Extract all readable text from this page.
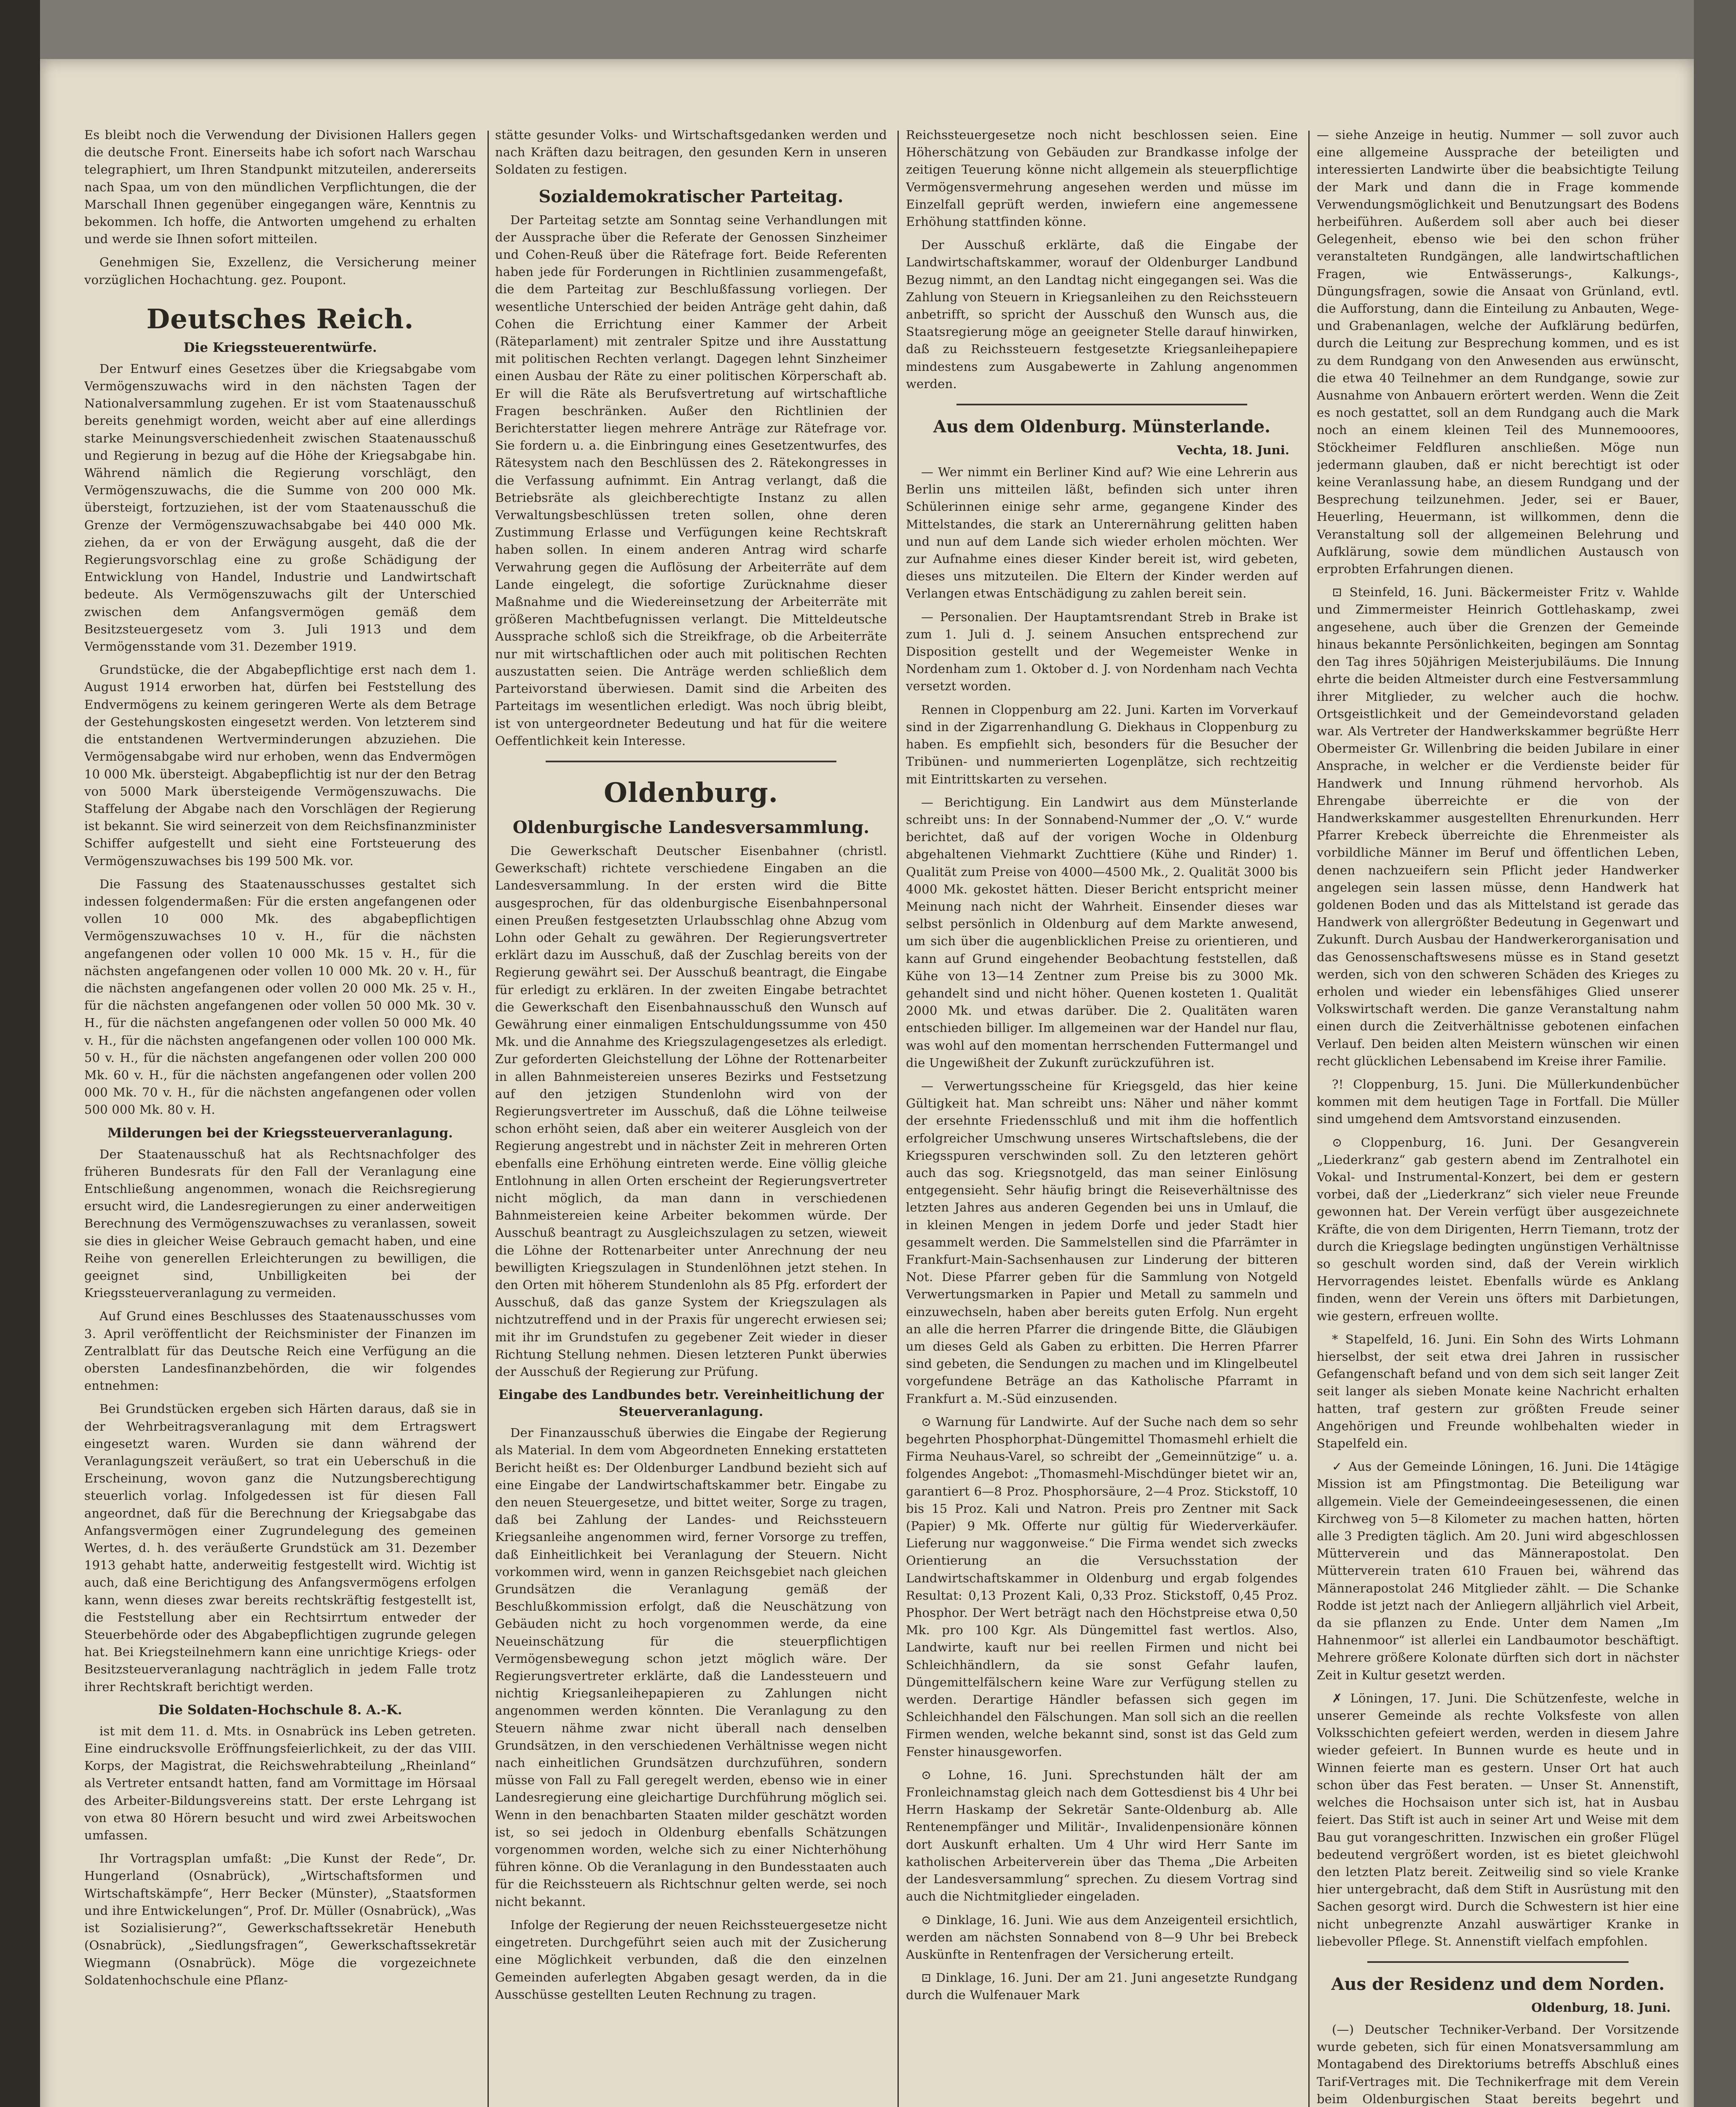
Es bleibt noch die Verwendung der Divisionen Hallers gegen die deutsche Front. Einerseits habe ich sofort nach Warschau telegraphiert, um Ihren Standpunkt mitzuteilen, andererseits nach Spaa, um von den mündlichen Verpflichtungen, die der Marschall Ihnen gegenüber eingegangen wäre, Kenntnis zu bekommen. Ich hoffe, die Antworten umgehend zu erhalten und werde sie Ihnen sofort mitteilen.

Genehmigen Sie, Exzellenz, die Versicherung meiner vorzüglichen Hochachtung. gez. Poupont.

Deutsches Reich.
Die Kriegssteuerentwürfe.

Der Entwurf eines Gesetzes über die Kriegsabgabe vom Vermögenszuwachs wird in den nächsten Tagen der Nationalversammlung zugehen. Er ist vom Staatenausschuß bereits genehmigt worden, weicht aber auf eine allerdings starke Meinungsverschiedenheit zwischen Staatenausschuß und Regierung in bezug auf die Höhe der Kriegsabgabe hin. Während nämlich die Regierung vorschlägt, den Vermögenszuwachs, die die Summe von 200 000 Mk. übersteigt, fortzuziehen, ist der vom Staatenausschuß die Grenze der Vermögenszuwachsabgabe bei 440 000 Mk. ziehen, da er von der Erwägung ausgeht, daß die der Regierungsvorschlag eine zu große Schädigung der Entwicklung von Handel, Industrie und Landwirtschaft bedeute. Als Vermögenszuwachs gilt der Unterschied zwischen dem Anfangsvermögen gemäß dem Besitzsteuergesetz vom 3. Juli 1913 und dem Vermögensstande vom 31. Dezember 1919.

Grundstücke, die der Abgabepflichtige erst nach dem 1. August 1914 erworben hat, dürfen bei Feststellung des Endvermögens zu keinem geringeren Werte als dem Betrage der Gestehungskosten eingesetzt werden. Von letzterem sind die entstandenen Wertverminderungen abzuziehen. Die Vermögensabgabe wird nur erhoben, wenn das Endvermögen 10 000 Mk. übersteigt. Abgabepflichtig ist nur der den Betrag von 5000 Mark übersteigende Vermögenszuwachs. Die Staffelung der Abgabe nach den Vorschlägen der Regierung ist bekannt. Sie wird seinerzeit von dem Reichsfinanzminister Schiffer aufgestellt und sieht eine Fortsteuerung des Vermögenszuwachses bis 199 500 Mk. vor.

Die Fassung des Staatenausschusses gestaltet sich indessen folgendermaßen: Für die ersten angefangenen oder vollen 10 000 Mk. des abgabepflichtigen Vermögenszuwachses 10 v. H., für die nächsten angefangenen oder vollen 10 000 Mk. 15 v. H., für die nächsten angefangenen oder vollen 10 000 Mk. 20 v. H., für die nächsten angefangenen oder vollen 20 000 Mk. 25 v. H., für die nächsten angefangenen oder vollen 50 000 Mk. 30 v. H., für die nächsten angefangenen oder vollen 50 000 Mk. 40 v. H., für die nächsten angefangenen oder vollen 100 000 Mk. 50 v. H., für die nächsten angefangenen oder vollen 200 000 Mk. 60 v. H., für die nächsten angefangenen oder vollen 200 000 Mk. 70 v. H., für die nächsten angefangenen oder vollen 500 000 Mk. 80 v. H.

Milderungen bei der Kriegssteuerveranlagung.

Der Staatenausschuß hat als Rechtsnachfolger des früheren Bundesrats für den Fall der Veranlagung eine Entschließung angenommen, wonach die Reichsregierung ersucht wird, die Landesregierungen zu einer anderweitigen Berechnung des Vermögenszuwachses zu veranlassen, soweit sie dies in gleicher Weise Gebrauch gemacht haben, und eine Reihe von generellen Erleichterungen zu bewilligen, die geeignet sind, Unbilligkeiten bei der Kriegssteuerveranlagung zu vermeiden.

Auf Grund eines Beschlusses des Staatenausschusses vom 3. April veröffentlicht der Reichsminister der Finanzen im Zentralblatt für das Deutsche Reich eine Verfügung an die obersten Landesfinanzbehörden, die wir folgendes entnehmen:

Bei Grundstücken ergeben sich Härten daraus, daß sie in der Wehrbeitragsveranlagung mit dem Ertragswert eingesetzt waren. Wurden sie dann während der Veranlagungszeit veräußert, so trat ein Ueberschuß in die Erscheinung, wovon ganz die Nutzungsberechtigung steuerlich vorlag. Infolgedessen ist für diesen Fall angeordnet, daß für die Berechnung der Kriegsabgabe das Anfangsvermögen einer Zugrundelegung des gemeinen Wertes, d. h. des veräußerte Grundstück am 31. Dezember 1913 gehabt hatte, anderweitig festgestellt wird. Wichtig ist auch, daß eine Berichtigung des Anfangsvermögens erfolgen kann, wenn dieses zwar bereits rechtskräftig festgestellt ist, die Feststellung aber ein Rechtsirrtum entweder der Steuerbehörde oder des Abgabepflichtigen zugrunde gelegen hat. Bei Kriegsteilnehmern kann eine unrichtige Kriegs- oder Besitzsteuerveranlagung nachträglich in jedem Falle trotz ihrer Rechtskraft berichtigt werden.

Die Soldaten-Hochschule 8. A.-K.

ist mit dem 11. d. Mts. in Osnabrück ins Leben getreten. Eine eindrucksvolle Eröffnungsfeierlichkeit, zu der das VIII. Korps, der Magistrat, die Reichswehrabteilung „Rheinland“ als Vertreter entsandt hatten, fand am Vormittage im Hörsaal des Arbeiter-Bildungsvereins statt. Der erste Lehrgang ist von etwa 80 Hörern besucht und wird zwei Arbeitswochen umfassen.

Ihr Vortragsplan umfaßt: „Die Kunst der Rede“, Dr. Hungerland (Osnabrück), „Wirtschaftsformen und Wirtschaftskämpfe“, Herr Becker (Münster), „Staatsformen und ihre Entwickelungen“, Prof. Dr. Müller (Osnabrück), „Was ist Sozialisierung?“, Gewerkschaftssekretär Henebuth (Osnabrück), „Siedlungsfragen“, Gewerkschaftssekretär Wiegmann (Osnabrück). Möge die vorgezeichnete Soldatenhochschule eine Pflanz-

stätte gesunder Volks- und Wirtschaftsgedanken werden und nach Kräften dazu beitragen, den gesunden Kern in unseren Soldaten zu festigen.

Sozialdemokratischer Parteitag.

Der Parteitag setzte am Sonntag seine Verhandlungen mit der Aussprache über die Referate der Genossen Sinzheimer und Cohen-Reuß über die Rätefrage fort. Beide Referenten haben jede für Forderungen in Richtlinien zusammengefaßt, die dem Parteitag zur Beschlußfassung vorliegen. Der wesentliche Unterschied der beiden Anträge geht dahin, daß Cohen die Errichtung einer Kammer der Arbeit (Räteparlament) mit zentraler Spitze und ihre Ausstattung mit politischen Rechten verlangt. Dagegen lehnt Sinzheimer einen Ausbau der Räte zu einer politischen Körperschaft ab. Er will die Räte als Berufsvertretung auf wirtschaftliche Fragen beschränken. Außer den Richtlinien der Berichterstatter liegen mehrere Anträge zur Rätefrage vor. Sie fordern u. a. die Einbringung eines Gesetzentwurfes, des Rätesystem nach den Beschlüssen des 2. Rätekongresses in die Verfassung aufnimmt. Ein Antrag verlangt, daß die Betriebsräte als gleichberechtigte Instanz zu allen Verwaltungsbeschlüssen treten sollen, ohne deren Zustimmung Erlasse und Verfügungen keine Rechtskraft haben sollen. In einem anderen Antrag wird scharfe Verwahrung gegen die Auflösung der Arbeiterräte auf dem Lande eingelegt, die sofortige Zurücknahme dieser Maßnahme und die Wiedereinsetzung der Arbeiterräte mit größeren Machtbefugnissen verlangt. Die Mitteldeutsche Aussprache schloß sich die Streikfrage, ob die Arbeiterräte nur mit wirtschaftlichen oder auch mit politischen Rechten auszustatten seien. Die Anträge werden schließlich dem Parteivorstand überwiesen. Damit sind die Arbeiten des Parteitags im wesentlichen erledigt. Was noch übrig bleibt, ist von untergeordneter Bedeutung und hat für die weitere Oeffentlichkeit kein Interesse.

Oldenburg.
Oldenburgische Landesversammlung.

Die Gewerkschaft Deutscher Eisenbahner (christl. Gewerkschaft) richtete verschiedene Eingaben an die Landesversammlung. In der ersten wird die Bitte ausgesprochen, für das oldenburgische Eisenbahnpersonal einen Preußen festgesetzten Urlaubsschlag ohne Abzug vom Lohn oder Gehalt zu gewähren. Der Regierungsvertreter erklärt dazu im Ausschuß, daß der Zuschlag bereits von der Regierung gewährt sei. Der Ausschuß beantragt, die Eingabe für erledigt zu erklären. In der zweiten Eingabe betrachtet die Gewerkschaft den Eisenbahnausschuß den Wunsch auf Gewährung einer einmaligen Entschuldungssumme von 450 Mk. und die Annahme des Kriegszulagengesetzes als erledigt. Zur geforderten Gleichstellung der Löhne der Rottenarbeiter in allen Bahnmeistereien unseres Bezirks und Festsetzung auf den jetzigen Stundenlohn wird von der Regierungsvertreter im Ausschuß, daß die Löhne teilweise schon erhöht seien, daß aber ein weiterer Ausgleich von der Regierung angestrebt und in nächster Zeit in mehreren Orten ebenfalls eine Erhöhung eintreten werde. Eine völlig gleiche Entlohnung in allen Orten erscheint der Regierungsvertreter nicht möglich, da man dann in verschiedenen Bahnmeistereien keine Arbeiter bekommen würde. Der Ausschuß beantragt zu Ausgleichszulagen zu setzen, wieweit die Löhne der Rottenarbeiter unter Anrechnung der neu bewilligten Kriegszulagen in Stundenlöhnen jetzt stehen. In den Orten mit höherem Stundenlohn als 85 Pfg. erfordert der Ausschuß, daß das ganze System der Kriegszulagen als nichtzutreffend und in der Praxis für ungerecht erwiesen sei; mit ihr im Grundstufen zu gegebener Zeit wieder in dieser Richtung Stellung nehmen. Diesen letzteren Punkt überwies der Ausschuß der Regierung zur Prüfung.

Eingabe des Landbundes betr. Vereinheitlichung der Steuerveranlagung.

Der Finanzausschuß überwies die Eingabe der Regierung als Material. In dem vom Abgeordneten Enneking erstatteten Bericht heißt es: Der Oldenburger Landbund bezieht sich auf eine Eingabe der Landwirtschaftskammer betr. Eingabe zu den neuen Steuergesetze, und bittet weiter, Sorge zu tragen, daß bei Zahlung der Landes- und Reichssteuern Kriegsanleihe angenommen wird, ferner Vorsorge zu treffen, daß Einheitlichkeit bei Veranlagung der Steuern. Nicht vorkommen wird, wenn in ganzen Reichsgebiet nach gleichen Grundsätzen die Veranlagung gemäß der Beschlußkommission erfolgt, daß die Neuschätzung von Gebäuden nicht zu hoch vorgenommen werde, da eine Neueinschätzung für die steuerpflichtigen Vermögensbewegung schon jetzt möglich wäre. Der Regierungsvertreter erklärte, daß die Landessteuern und nichtig Kriegsanleihepapieren zu Zahlungen nicht angenommen werden könnten. Die Veranlagung zu den Steuern nähme zwar nicht überall nach denselben Grundsätzen, in den verschiedenen Verhältnisse wegen nicht nach einheitlichen Grundsätzen durchzuführen, sondern müsse von Fall zu Fall geregelt werden, ebenso wie in einer Landesregierung eine gleichartige Durchführung möglich sei. Wenn in den benachbarten Staaten milder geschätzt worden ist, so sei jedoch in Oldenburg ebenfalls Schätzungen vorgenommen worden, welche sich zu einer Nichterhöhung führen könne. Ob die Veranlagung in den Bundesstaaten auch für die Reichssteuern als Richtschnur gelten werde, sei noch nicht bekannt.

Infolge der Regierung der neuen Reichssteuergesetze nicht eingetreten. Durchgeführt seien auch mit der Zusicherung eine Möglichkeit verbunden, daß die den einzelnen Gemeinden auferlegten Abgaben gesagt werden, da in die Ausschüsse gestellten Leuten Rechnung zu tragen.

Reichssteuergesetze noch nicht beschlossen seien. Eine Höherschätzung von Gebäuden zur Brandkasse infolge der zeitigen Teuerung könne nicht allgemein als steuerpflichtige Vermögensvermehrung angesehen werden und müsse im Einzelfall geprüft werden, inwiefern eine angemessene Erhöhung stattfinden könne.

Der Ausschuß erklärte, daß die Eingabe der Landwirtschaftskammer, worauf der Oldenburger Landbund Bezug nimmt, an den Landtag nicht eingegangen sei. Was die Zahlung von Steuern in Kriegsanleihen zu den Reichssteuern anbetrifft, so spricht der Ausschuß den Wunsch aus, die Staatsregierung möge an geeigneter Stelle darauf hinwirken, daß zu Reichssteuern festgesetzte Kriegsanleihepapiere mindestens zum Ausgabewerte in Zahlung angenommen werden.

Aus dem Oldenburg. Münsterlande.
Vechta, 18. Juni.

— Wer nimmt ein Berliner Kind auf? Wie eine Lehrerin aus Berlin uns mitteilen läßt, befinden sich unter ihren Schülerinnen einige sehr arme, gegangene Kinder des Mittelstandes, die stark an Unterernährung gelitten haben und nun auf dem Lande sich wieder erholen möchten. Wer zur Aufnahme eines dieser Kinder bereit ist, wird gebeten, dieses uns mitzuteilen. Die Eltern der Kinder werden auf Verlangen etwas Entschädigung zu zahlen bereit sein.

— Personalien. Der Hauptamtsrendant Streb in Brake ist zum 1. Juli d. J. seinem Ansuchen entsprechend zur Disposition gestellt und der Wegemeister Wenke in Nordenham zum 1. Oktober d. J. von Nordenham nach Vechta versetzt worden.

Rennen in Cloppenburg am 22. Juni. Karten im Vorverkauf sind in der Zigarrenhandlung G. Diekhaus in Cloppenburg zu haben. Es empfiehlt sich, besonders für die Besucher der Tribünen- und nummerierten Logenplätze, sich rechtzeitig mit Eintrittskarten zu versehen.

— Berichtigung. Ein Landwirt aus dem Münsterlande schreibt uns: In der Sonnabend-Nummer der „O. V.“ wurde berichtet, daß auf der vorigen Woche in Oldenburg abgehaltenen Viehmarkt Zuchttiere (Kühe und Rinder) 1. Qualität zum Preise von 4000—4500 Mk., 2. Qualität 3000 bis 4000 Mk. gekostet hätten. Dieser Bericht entspricht meiner Meinung nach nicht der Wahrheit. Einsender dieses war selbst persönlich in Oldenburg auf dem Markte anwesend, um sich über die augenblicklichen Preise zu orientieren, und kann auf Grund eingehender Beobachtung feststellen, daß Kühe von 13—14 Zentner zum Preise bis zu 3000 Mk. gehandelt sind und nicht höher. Quenen kosteten 1. Qualität 2000 Mk. und etwas darüber. Die 2. Qualitäten waren entschieden billiger. Im allgemeinen war der Handel nur flau, was wohl auf den momentan herrschenden Futtermangel und die Ungewißheit der Zukunft zurückzuführen ist.

— Verwertungsscheine für Kriegsgeld, das hier keine Gültigkeit hat. Man schreibt uns: Näher und näher kommt der ersehnte Friedensschluß und mit ihm die hoffentlich erfolgreicher Umschwung unseres Wirtschaftslebens, die der Kriegsspuren verschwinden soll. Zu den letzteren gehört auch das sog. Kriegsnotgeld, das man seiner Einlösung entgegensieht. Sehr häufig bringt die Reiseverhältnisse des letzten Jahres aus anderen Gegenden bei uns in Umlauf, die in kleinen Mengen in jedem Dorfe und jeder Stadt hier gesammelt werden. Die Sammelstellen sind die Pfarrämter in Frankfurt-Main-Sachsenhausen zur Linderung der bitteren Not. Diese Pfarrer geben für die Sammlung von Notgeld Verwertungsmarken in Papier und Metall zu sammeln und einzuwechseln, haben aber bereits guten Erfolg. Nun ergeht an alle die herren Pfarrer die dringende Bitte, die Gläubigen um dieses Geld als Gaben zu erbitten. Die Herren Pfarrer sind gebeten, die Sendungen zu machen und im Klingelbeutel vorgefundene Beträge an das Katholische Pfarramt in Frankfurt a. M.-Süd einzusenden.

⊙ Warnung für Landwirte. Auf der Suche nach dem so sehr begehrten Phosphorphat-Düngemittel Thomasmehl erhielt die Firma Neuhaus-Varel, so schreibt der „Gemeinnützige“ u. a. folgendes Angebot: „Thomasmehl-Mischdünger bietet wir an, garantiert 6—8 Proz. Phosphorsäure, 2—4 Proz. Stickstoff, 10 bis 15 Proz. Kali und Natron. Preis pro Zentner mit Sack (Papier) 9 Mk. Offerte nur gültig für Wiederverkäufer. Lieferung nur waggonweise.“ Die Firma wendet sich zwecks Orientierung an die Versuchsstation der Landwirtschaftskammer in Oldenburg und ergab folgendes Resultat: 0,13 Prozent Kali, 0,33 Proz. Stickstoff, 0,45 Proz. Phosphor. Der Wert beträgt nach den Höchstpreise etwa 0,50 Mk. pro 100 Kgr. Als Düngemittel fast wertlos. Also, Landwirte, kauft nur bei reellen Firmen und nicht bei Schleichhändlern, da sie sonst Gefahr laufen, Düngemittelfälschern keine Ware zur Verfügung stellen zu werden. Derartige Händler befassen sich gegen im Schleichhandel den Fälschungen. Man soll sich an die reellen Firmen wenden, welche bekannt sind, sonst ist das Geld zum Fenster hinausgeworfen.

⊙ Lohne, 16. Juni. Sprechstunden hält der am Fronleichnamstag gleich nach dem Gottesdienst bis 4 Uhr bei Herrn Haskamp der Sekretär Sante-Oldenburg ab. Alle Rentenempfänger und Militär-, Invalidenpensionäre können dort Auskunft erhalten. Um 4 Uhr wird Herr Sante im katholischen Arbeiterverein über das Thema „Die Arbeiten der Landesversammlung“ sprechen. Zu diesem Vortrag sind auch die Nichtmitglieder eingeladen.

⊙ Dinklage, 16. Juni. Wie aus dem Anzeigenteil ersichtlich, werden am nächsten Sonnabend von 8—9 Uhr bei Brebeck Auskünfte in Rentenfragen der Versicherung erteilt.

⊡ Dinklage, 16. Juni. Der am 21. Juni angesetzte Rundgang durch die Wulfenauer Mark

— siehe Anzeige in heutig. Nummer — soll zuvor auch eine allgemeine Aussprache der beteiligten und interessierten Landwirte über die beabsichtigte Teilung der Mark und dann die in Frage kommende Verwendungsmöglichkeit und Benutzungsart des Bodens herbeiführen. Außerdem soll aber auch bei dieser Gelegenheit, ebenso wie bei den schon früher veranstalteten Rundgängen, alle landwirtschaftlichen Fragen, wie Entwässerungs-, Kalkungs-, Düngungsfragen, sowie die Ansaat von Grünland, evtl. die Aufforstung, dann die Einteilung zu Anbauten, Wege- und Grabenanlagen, welche der Aufklärung bedürfen, durch die Leitung zur Besprechung kommen, und es ist zu dem Rundgang von den Anwesenden aus erwünscht, die etwa 40 Teilnehmer an dem Rundgange, sowie zur Ausnahme von Anbauern erörtert werden. Wenn die Zeit es noch gestattet, soll an dem Rundgang auch die Mark noch an einem kleinen Teil des Munnemooores, Stöckheimer Feldfluren anschließen. Möge nun jedermann glauben, daß er nicht berechtigt ist oder keine Veranlassung habe, an diesem Rundgang und der Besprechung teilzunehmen. Jeder, sei er Bauer, Heuerling, Heuermann, ist willkommen, denn die Veranstaltung soll der allgemeinen Belehrung und Aufklärung, sowie dem mündlichen Austausch von erprobten Erfahrungen dienen.

⊡ Steinfeld, 16. Juni. Bäckermeister Fritz v. Wahlde und Zimmermeister Heinrich Gottlehaskamp, zwei angesehene, auch über die Grenzen der Gemeinde hinaus bekannte Persönlichkeiten, begingen am Sonntag den Tag ihres 50jährigen Meisterjubiläums. Die Innung ehrte die beiden Altmeister durch eine Festversammlung ihrer Mitglieder, zu welcher auch die hochw. Ortsgeistlichkeit und der Gemeindevorstand geladen war. Als Vertreter der Handwerkskammer begrüßte Herr Obermeister Gr. Willenbring die beiden Jubilare in einer Ansprache, in welcher er die Verdienste beider für Handwerk und Innung rühmend hervorhob. Als Ehrengabe überreichte er die von der Handwerkskammer ausgestellten Ehrenurkunden. Herr Pfarrer Krebeck überreichte die Ehrenmeister als vorbildliche Männer im Beruf und öffentlichen Leben, denen nachzueifern sein Pflicht jeder Handwerker angelegen sein lassen müsse, denn Handwerk hat goldenen Boden und das als Mittelstand ist gerade das Handwerk von allergrößter Bedeutung in Gegenwart und Zukunft. Durch Ausbau der Handwerkerorganisation und das Genossenschaftswesens müsse es in Stand gesetzt werden, sich von den schweren Schäden des Krieges zu erholen und wieder ein lebensfähiges Glied unserer Volkswirtschaft werden. Die ganze Veranstaltung nahm einen durch die Zeitverhältnisse gebotenen einfachen Verlauf. Den beiden alten Meistern wünschen wir einen recht glücklichen Lebensabend im Kreise ihrer Familie.

?! Cloppenburg, 15. Juni. Die Müllerkundenbücher kommen mit dem heutigen Tage in Fortfall. Die Müller sind umgehend dem Amtsvorstand einzusenden.

⊙ Cloppenburg, 16. Juni. Der Gesangverein „Liederkranz“ gab gestern abend im Zentralhotel ein Vokal- und Instrumental-Konzert, bei dem er gestern vorbei, daß der „Liederkranz“ sich vieler neue Freunde gewonnen hat. Der Verein verfügt über ausgezeichnete Kräfte, die von dem Dirigenten, Herrn Tiemann, trotz der durch die Kriegslage bedingten ungünstigen Verhältnisse so geschult worden sind, daß der Verein wirklich Hervorragendes leistet. Ebenfalls würde es Anklang finden, wenn der Verein uns öfters mit Darbietungen, wie gestern, erfreuen wollte.

* Stapelfeld, 16. Juni. Ein Sohn des Wirts Lohmann hierselbst, der seit etwa drei Jahren in russischer Gefangenschaft befand und von dem sich seit langer Zeit seit langer als sieben Monate keine Nachricht erhalten hatten, traf gestern zur größten Freude seiner Angehörigen und Freunde wohlbehalten wieder in Stapelfeld ein.

✓ Aus der Gemeinde Löningen, 16. Juni. Die 14tägige Mission ist am Pfingstmontag. Die Beteiligung war allgemein. Viele der Gemeindeeingesessenen, die einen Kirchweg von 5—8 Kilometer zu machen hatten, hörten alle 3 Predigten täglich. Am 20. Juni wird abgeschlossen Mütterverein und das Männerapostolat. Den Mütterverein traten 610 Frauen bei, während das Männerapostolat 246 Mitglieder zählt. — Die Schanke Rodde ist jetzt nach der Anliegern alljährlich viel Arbeit, da sie pflanzen zu Ende. Unter dem Namen „Im Hahnenmoor“ ist allerlei ein Landbaumotor beschäftigt. Mehrere größere Kolonate dürften sich dort in nächster Zeit in Kultur gesetzt werden.

✗ Löningen, 17. Juni. Die Schützenfeste, welche in unserer Gemeinde als rechte Volksfeste von allen Volksschichten gefeiert werden, werden in diesem Jahre wieder gefeiert. In Bunnen wurde es heute und in Winnen feierte man es gestern. Unser Ort hat auch schon über das Fest beraten. — Unser St. Annenstift, welches die Hochsaison unter sich ist, hat in Ausbau feiert. Das Stift ist auch in seiner Art und Weise mit dem Bau gut vorangeschritten. Inzwischen ein großer Flügel bedeutend vergrößert worden, ist es bietet gleichwohl den letzten Platz bereit. Zeitweilig sind so viele Kranke hier untergebracht, daß dem Stift in Ausrüstung mit den Sachen gesorgt wird. Durch die Schwestern ist hier eine nicht unbegrenzte Anzahl auswärtiger Kranke in liebevoller Pflege. St. Annenstift vielfach empfohlen.

Aus der Residenz und dem Norden.
Oldenburg, 18. Juni.

(—) Deutscher Techniker-Verband. Der Vorsitzende wurde gebeten, sich für einen Monatsversammlung am Montagabend des Direktoriums betreffs Abschluß eines Tarif-Vertrages mit. Die Technikerfrage mit dem Verein beim Oldenburgischen Staat bereits begehrt und
